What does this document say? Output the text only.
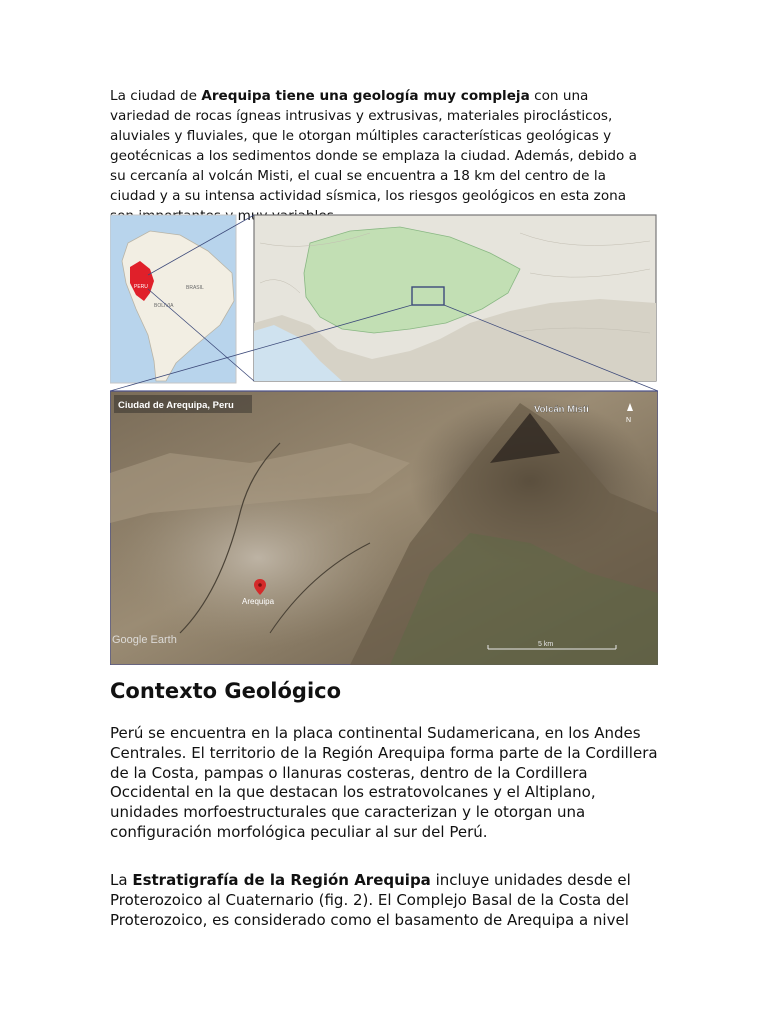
La ciudad de Arequipa tiene una geología muy compleja con una variedad de rocas ígneas intrusivas y extrusivas, materiales piroclásticos, aluviales y fluviales, que le otorgan múltiples características geológicas y geotécnicas a los sedimentos donde se emplaza la ciudad. Además, debido a su cercanía al volcán Misti, el cual se encuentra a 18 km del centro de la ciudad y a su intensa actividad sísmica, los riesgos geológicos en esta zona muy

PERU	BRASIL
BOLIVIA
Ciudad de Arequipa, Peru	Volcán Misti
N
Arequipa
Google Earth	5 km
Contexto Geológico

Perú se encuentra en la placa continental Sudamericana, en los Andes Centrales. El territorio de la Región Arequipa forma parte de la Cordillera de la Costa, pampas o llanuras costeras, dentro de la Cordillera Occidental en la que destacan los estratovolcanes y el Altiplano, unidades morfoestructurales que caracterizan y le otorgan una configuración morfológica peculiar al sur del Perú.

La Estratigrafía de la Región Arequipa incluye unidades desde el Proterozoico al Cuaternario (fig. 2). El Complejo Basal de la Costa del Proterozoico, es considerado como el basamento de Arequipa a nivel
